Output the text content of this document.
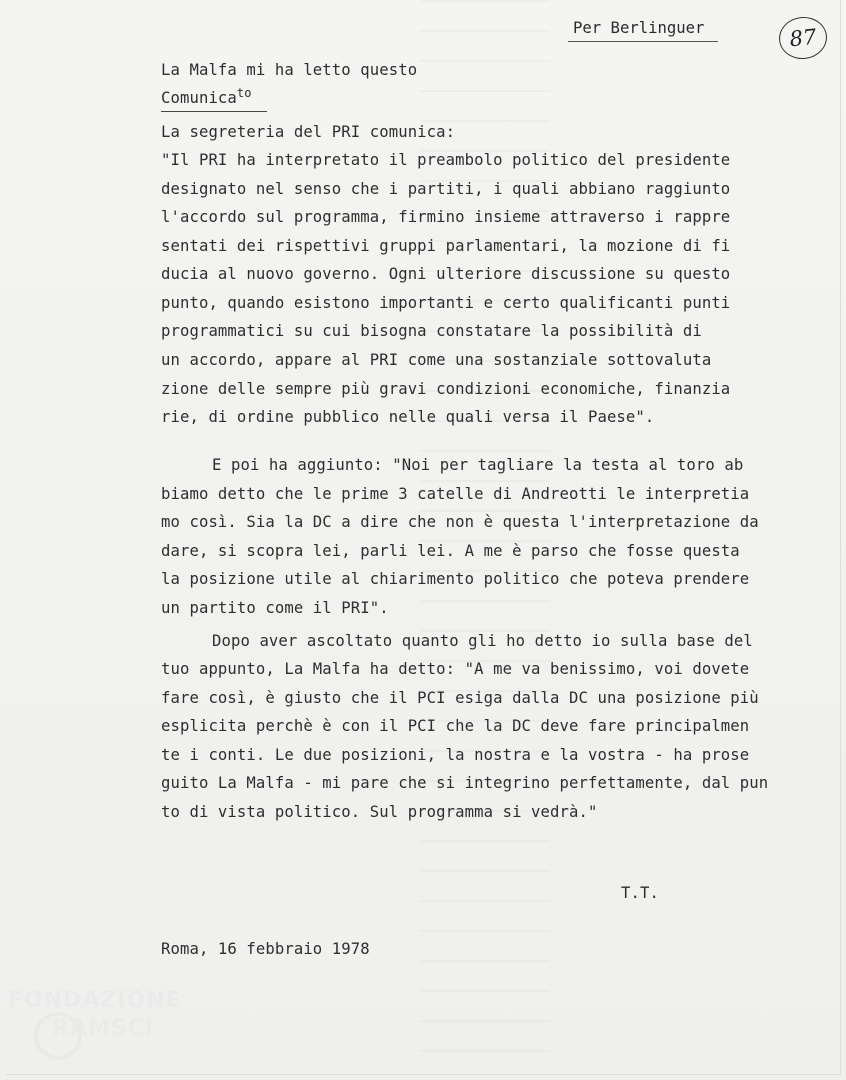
Per Berlinguer	87
La Malfa mi ha letto questo
Comunica$^{to}$
La segreteria del PRI comunica:
"Il PRI ha interpretato il preambolo politico del presidente
designato nel senso che i partiti, i quali abbiano raggiunto
l'accordo sul programma, firmino insieme attraverso i rappre
sentati dei rispettivi gruppi parlamentari, la mozione di fi
ducia al nuovo governo. Ogni ulteriore discussione su questo
punto, quando esistono importanti e certo qualificanti punti
programmatici su cui bisogna constatare la possibilità di
un accordo, appare al PRI come una sostanziale sottovaluta
zione delle sempre più gravi condizioni economiche, finanzia
rie, di ordine pubblico nelle quali versa il Paese".
E poi ha aggiunto: "Noi per tagliare la testa al toro ab
biamo detto che le prime 3 catelle di Andreotti le interpretia
mo così. Sia la DC a dire che non è questa l'interpretazione da
dare, si scopra lei, parli lei. A me è parso che fosse questa
la posizione utile al chiarimento politico che poteva prendere
un partito come il PRI".
Dopo aver ascoltato quanto gli ho detto io sulla base del
tuo appunto, La Malfa ha detto: "A me va benissimo, voi dovete
fare così, è giusto che il PCI esiga dalla DC una posizione più
esplicita perchè è con il PCI che la DC deve fare principalmen
te i conti. Le due posizioni, la nostra e la vostra - ha prose
guito La Malfa - mi pare che si integrino perfettamente, dal pun
to di vista politico. Sul programma si vedrà."
T.T.
Roma, 16 febbraio 1978
FONDAZIONE
RAMSCI
